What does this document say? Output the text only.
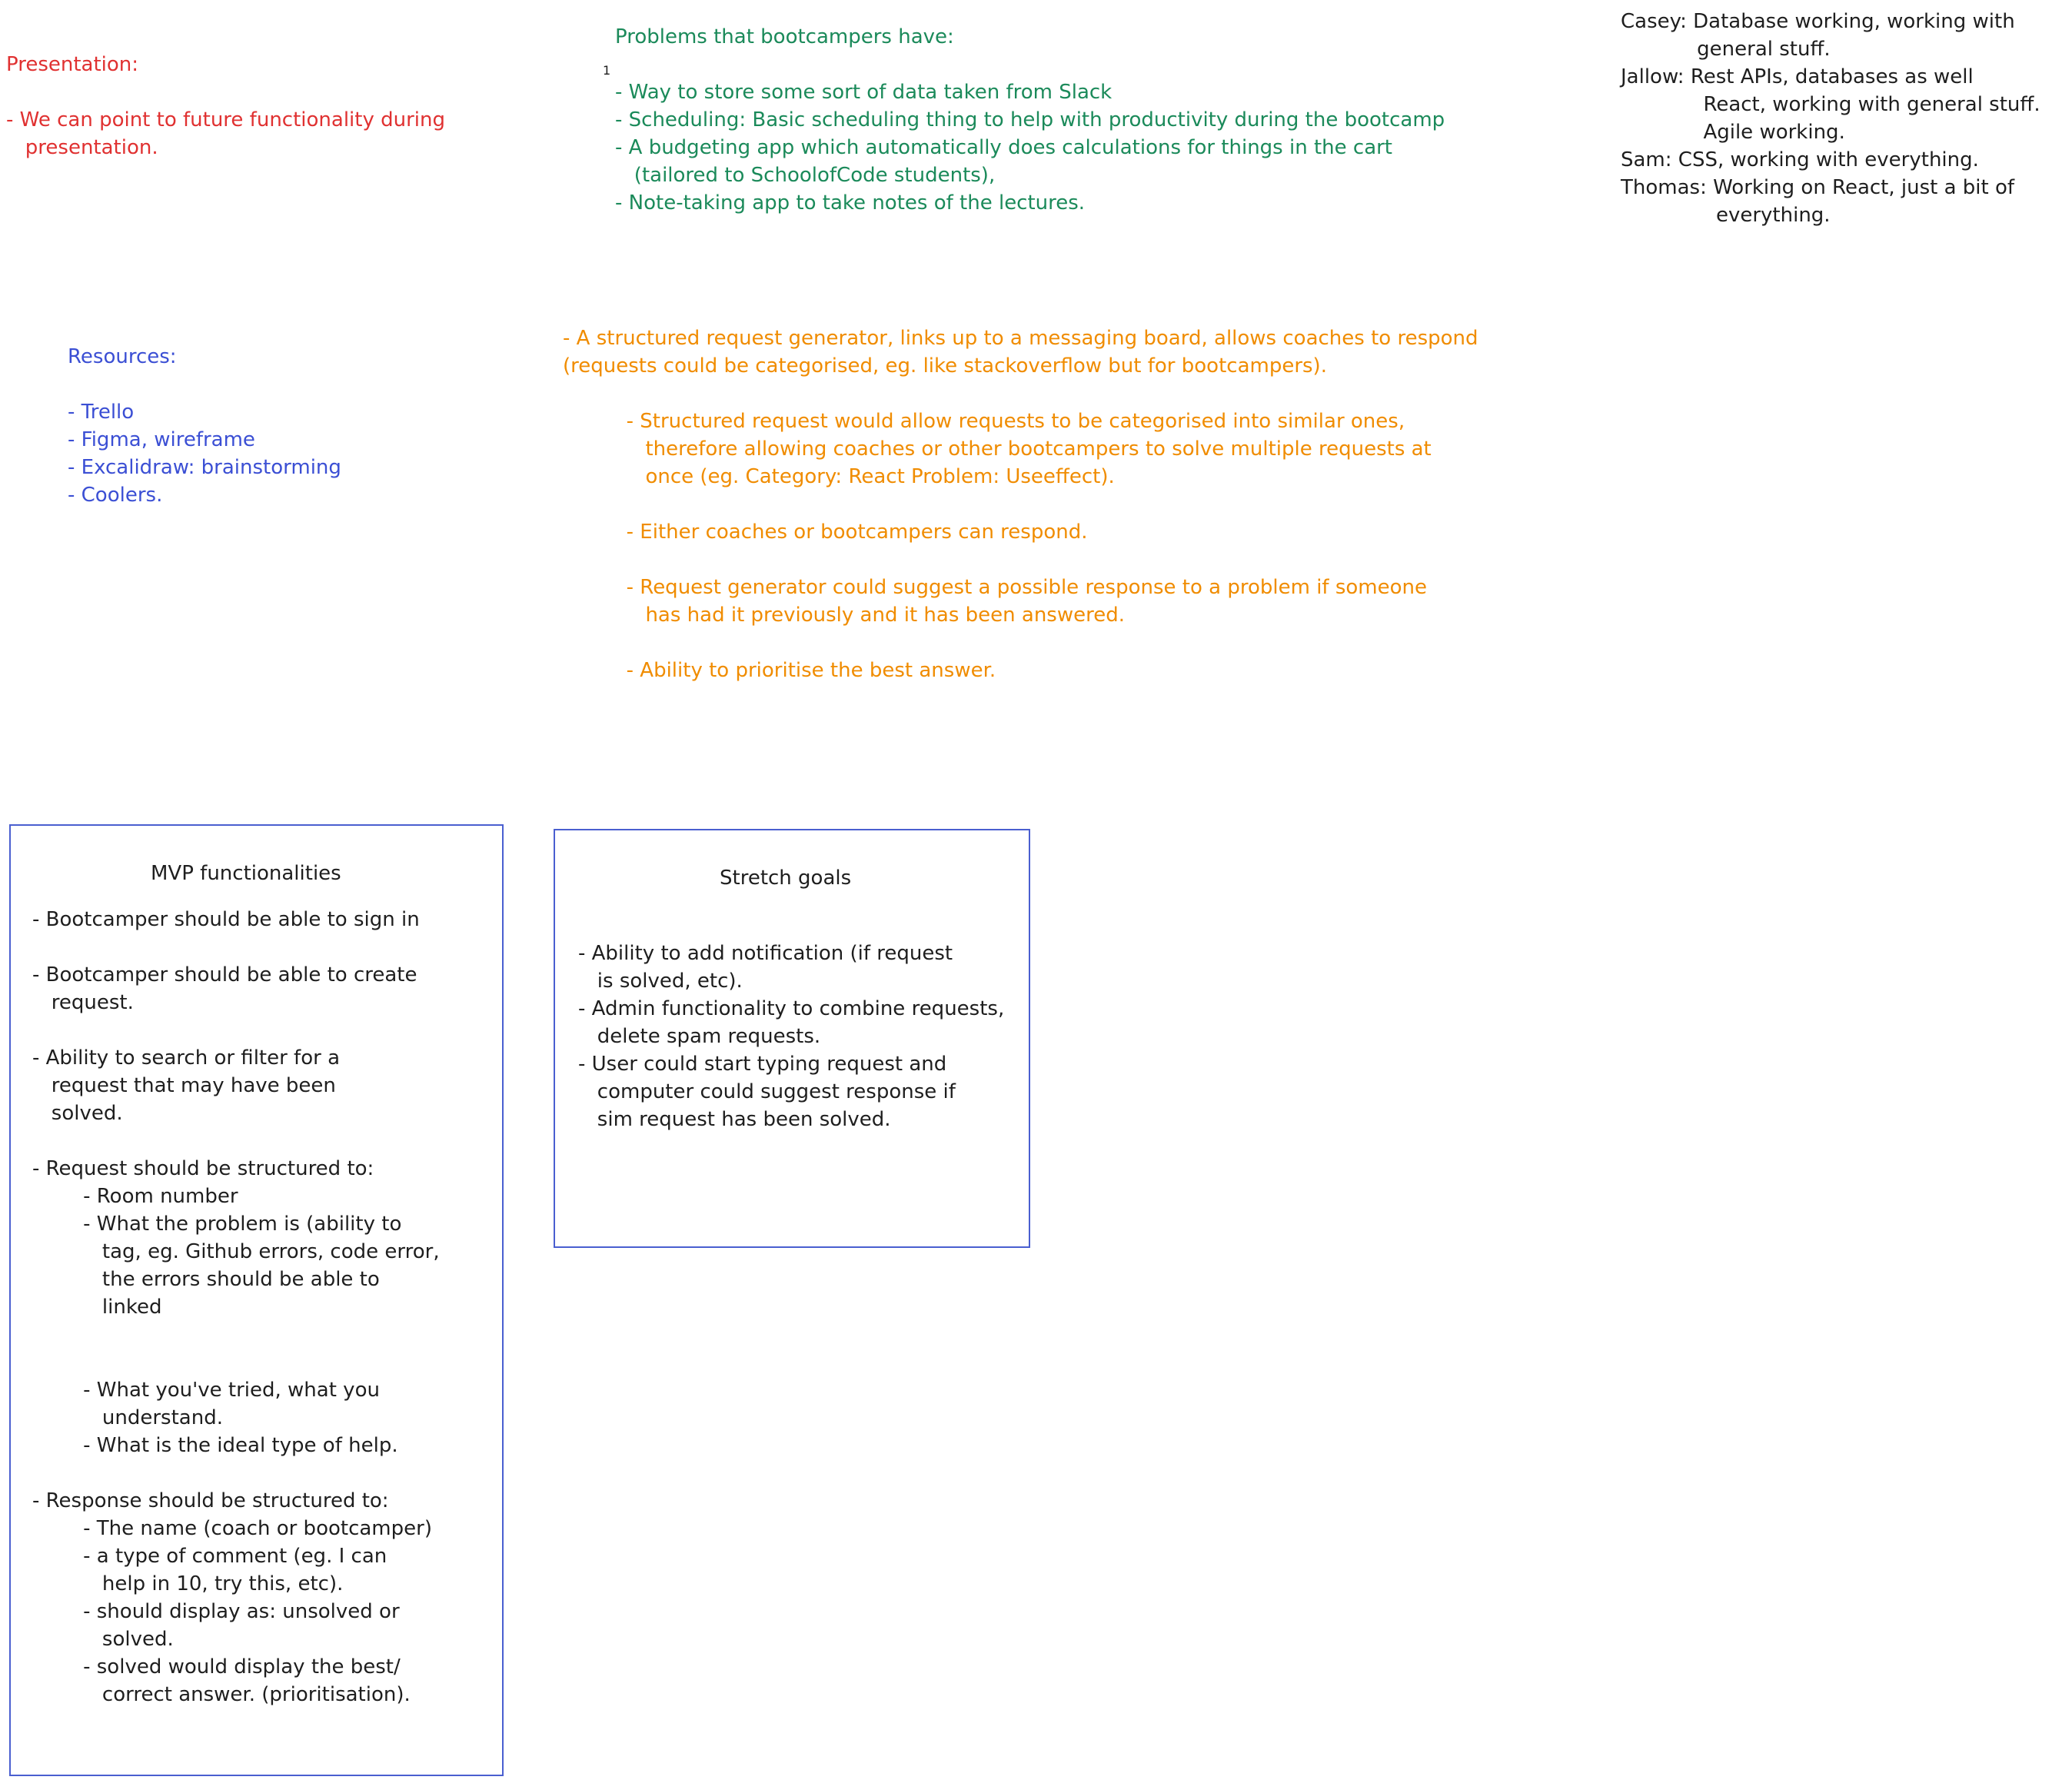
Presentation:
- We can point to future functionality during
presentation.
Problems that bootcampers have:
- Way to store some sort of data taken from Slack
- Scheduling: Basic scheduling thing to help with productivity during the bootcamp
- A budgeting app which automatically does calculations for things in the cart
(tailored to SchoolofCode students),
- Note-taking app to take notes of the lectures.
1
Casey: Database working, working with
general stuff.
Jallow: Rest APIs, databases as well
React, working with general stuff.
Agile working.
Sam: CSS, working with everything.
Thomas: Working on React, just a bit of
everything.
Resources:
- Trello
- Figma, wireframe
- Excalidraw: brainstorming
- Coolers.
- A structured request generator, links up to a messaging board, allows coaches to respond
(requests could be categorised, eg. like stackoverflow but for bootcampers).
- Structured request would allow requests to be categorised into similar ones,
therefore allowing coaches or other bootcampers to solve multiple requests at
once (eg. Category: React Problem: Useeffect).
- Either coaches or bootcampers can respond.
- Request generator could suggest a possible response to a problem if someone
has had it previously and it has been answered.
- Ability to prioritise the best answer.
MVP functionalities
- Bootcamper should be able to sign in
- Bootcamper should be able to create
request.
- Ability to search or filter for a
request that may have been
solved.
- Request should be structured to:
- Room number
- What the problem is (ability to
tag, eg. Github errors, code error,
the errors should be able to
linked
- What you've tried, what you
understand.
- What is the ideal type of help.
- Response should be structured to:
- The name (coach or bootcamper)
- a type of comment (eg. I can
help in 10, try this, etc).
- should display as: unsolved or
solved.
- solved would display the best/
correct answer. (prioritisation).
Stretch goals
- Ability to add notification (if request
is solved, etc).
- Admin functionality to combine requests,
delete spam requests.
- User could start typing request and
computer could suggest response if
sim request has been solved.
